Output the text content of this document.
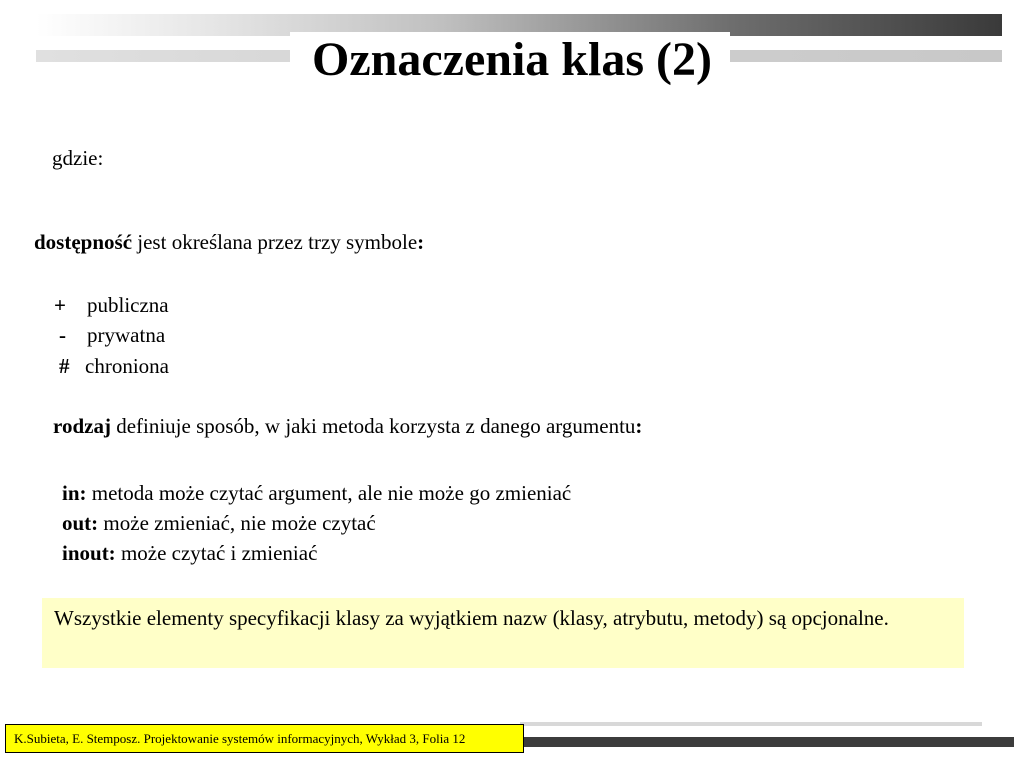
Oznaczenia klas (2)
gdzie:
dostępność jest określana przez trzy symbole:
+ publiczna
- prywatna
# chroniona
rodzaj definiuje sposób, w jaki metoda korzysta z danego argumentu:
in: metoda może czytać argument, ale nie może go zmieniać
out: może zmieniać, nie może czytać
inout: może czytać i zmieniać
Wszystkie elementy specyfikacji klasy za wyjątkiem nazw (klasy, atrybutu, metody) są opcjonalne.
K.Subieta, E. Stemposz. Projektowanie systemów informacyjnych, Wykład 3, Folia 12
